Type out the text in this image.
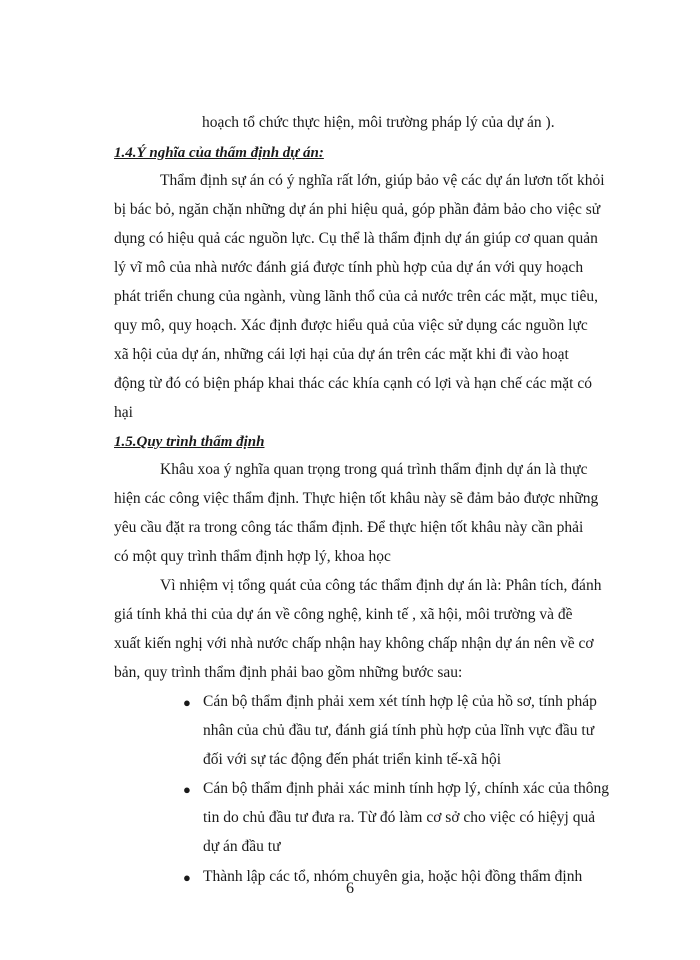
hoạch tổ chức thực hiện, môi trường pháp lý của dự án ).
1.4.Ý nghĩa của thẩm định dự án:
Thẩm định sự án có ý nghĩa rất lớn, giúp bảo vệ các dự án lươn tốt khỏi
bị bác bỏ, ngăn chặn những dự án phi hiệu quả, góp phần đảm bảo cho việc sử
dụng có hiệu quả các nguồn lực. Cụ thể là thẩm định dự án giúp cơ quan quản
lý vĩ mô của nhà nước đánh giá được tính phù hợp của dự án với quy hoạch
phát triển chung của ngành, vùng lãnh thổ của cả nước trên các mặt, mục tiêu,
quy mô, quy hoạch. Xác định được hiểu quả của việc sử dụng các nguồn lực
xã hội của dự án, những cái lợi hại của dự án trên các mặt khi đi vào hoạt
động từ đó có biện pháp khai thác các khía cạnh có lợi và hạn chế các mặt có
hại
1.5.Quy trình thẩm định
Khâu xoa ý nghĩa quan trọng trong quá trình thẩm định dự án là thực
hiện các công việc thẩm định. Thực hiện tốt khâu này sẽ đảm bảo được những
yêu cầu đặt ra trong công tác thẩm định. Để thực hiện tốt khâu này cần phải
có một quy trình thẩm định hợp lý, khoa học
Vì nhiệm vị tổng quát của công tác thẩm định dự án là: Phân tích, đánh
giá tính khả thi của dự án về công nghệ, kinh tế , xã hội, môi trường và đề
xuất kiến nghị với nhà nước chấp nhận hay không chấp nhận dự án nên về cơ
bản, quy trình thẩm định phải bao gồm những bước sau:
● Cán bộ thẩm định phải xem xét tính hợp lệ của hồ sơ, tính pháp
nhân của chủ đầu tư, đánh giá tính phù hợp của lĩnh vực đầu tư
đối với sự tác động đến phát triển kinh tế-xã hội
● Cán bộ thẩm định phải xác minh tính hợp lý, chính xác của thông
tin do chủ đầu tư đưa ra. Từ đó làm cơ sở cho việc có hiệyj quả
dự án đầu tư
● Thành lập các tổ, nhóm chuyên gia, hoặc hội đồng thẩm định
6
